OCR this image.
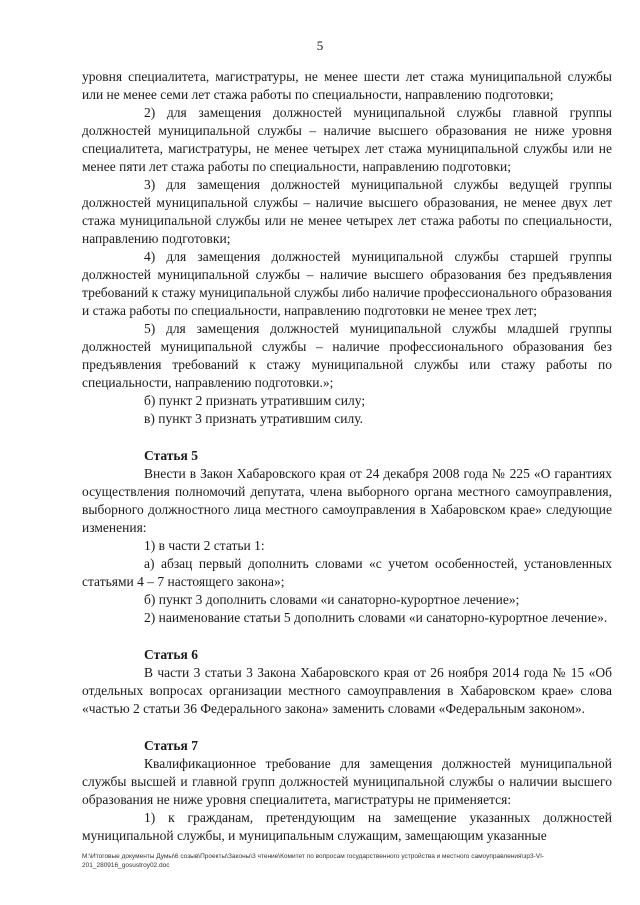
5

уровня специалитета, магистратуры, не менее шести лет стажа муниципальной службы или не менее семи лет стажа работы по специальности, направлению подготовки;

2) для замещения должностей муниципальной службы главной группы должностей муниципальной службы – наличие высшего образования не ниже уровня специалитета, магистратуры, не менее четырех лет стажа муниципальной службы или не менее пяти лет стажа работы по специальности, направлению подготовки;

3) для замещения должностей муниципальной службы ведущей группы должностей муниципальной службы – наличие высшего образования, не менее двух лет стажа муниципальной службы или не менее четырех лет стажа работы по специальности, направлению подготовки;

4) для замещения должностей муниципальной службы старшей группы должностей муниципальной службы – наличие высшего образования без предъявления требований к стажу муниципальной службы либо наличие профессионального образования и стажа работы по специальности, направлению подготовки не менее трех лет;

5) для замещения должностей муниципальной службы младшей группы должностей муниципальной службы – наличие профессионального образования без предъявления требований к стажу муниципальной службы или стажу работы по специальности, направлению подготовки.»;

б) пункт 2 признать утратившим силу;

в) пункт 3 признать утратившим силу.

Статья 5

Внести в Закон Хабаровского края от 24 декабря 2008 года № 225 «О гарантиях осуществления полномочий депутата, члена выборного органа местного самоуправления, выборного должностного лица местного самоуправления в Хабаровском крае» следующие изменения:

1) в части 2 статьи 1:

а) абзац первый дополнить словами «с учетом особенностей, установленных статьями 4 – 7 настоящего закона»;

б) пункт 3 дополнить словами «и санаторно-курортное лечение»;

2) наименование статьи 5 дополнить словами «и санаторно-курортное лечение».

Статья 6

В части 3 статьи 3 Закона Хабаровского края от 26 ноября 2014 года № 15 «Об отдельных вопросах организации местного самоуправления в Хабаровском крае» слова «частью 2 статьи 36 Федерального закона» заменить словами «Федеральным законом».

Статья 7

Квалификационное требование для замещения должностей муниципальной службы высшей и главной групп должностей муниципальной службы о наличии высшего образования не ниже уровня специалитета, магистратуры не применяется:

1) к гражданам, претендующим на замещение указанных должностей муниципальной службы, и муниципальным служащим, замещающим указанные

M:\Итоговые документы Думы\6 созыв\Проекты\Законы\3 чтение\Комитет по вопросам государственного устройства и местного самоуправления\зр3-VI-
201_280916_gosustroy02.doc
